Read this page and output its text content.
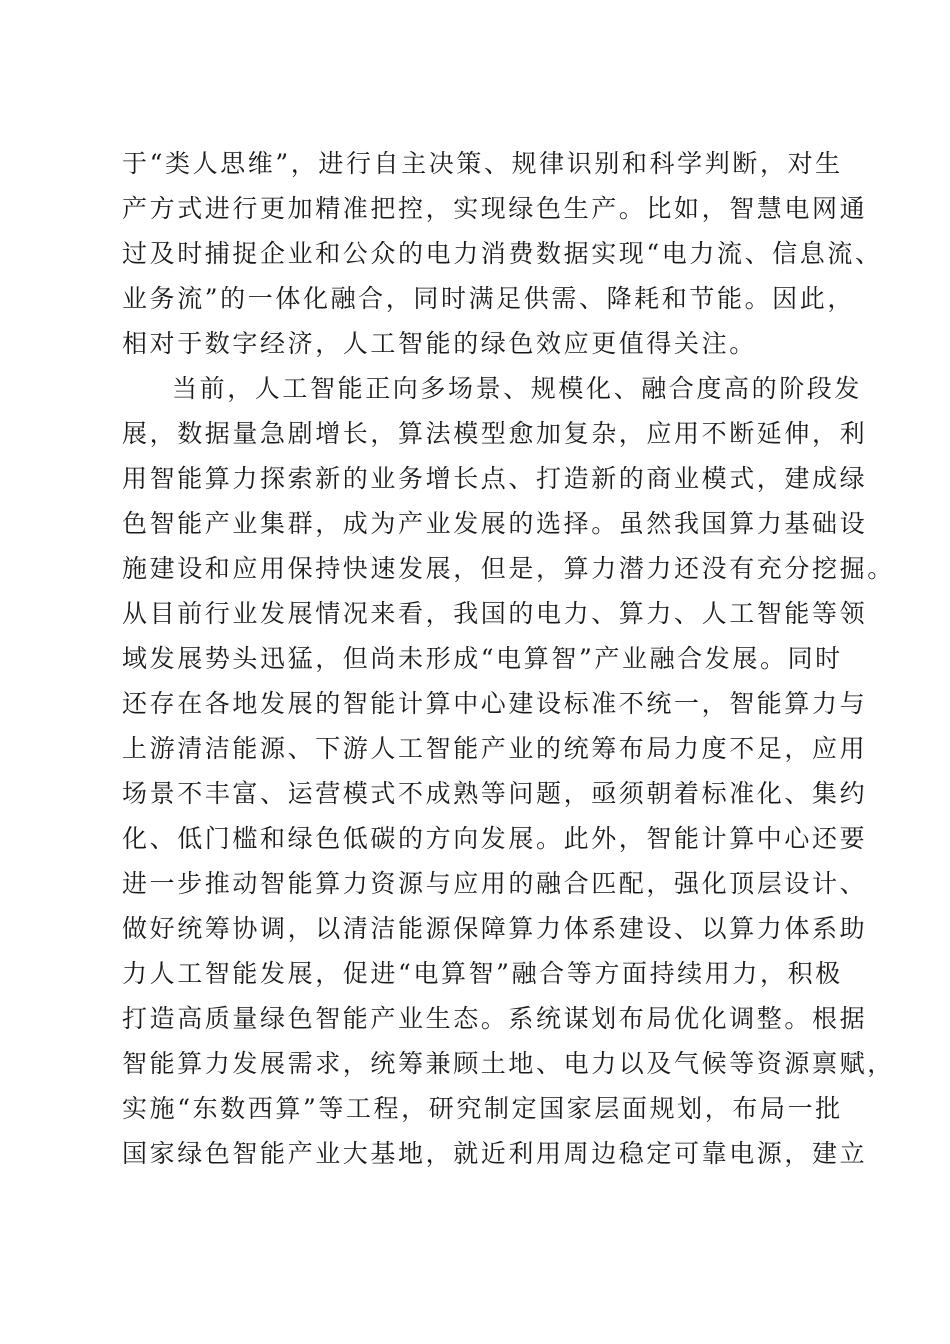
于“类人思维”，进行自主决策、规律识别和科学判断，对生
产方式进行更加精准把控，实现绿色生产。比如，智慧电网通
过及时捕捉企业和公众的电力消费数据实现“电力流、信息流、
业务流”的一体化融合，同时满足供需、降耗和节能。因此，
相对于数字经济，人工智能的绿色效应更值得关注。
当前，人工智能正向多场景、规模化、融合度高的阶段发
展，数据量急剧增长，算法模型愈加复杂，应用不断延伸，利
用智能算力探索新的业务增长点、打造新的商业模式，建成绿
色智能产业集群，成为产业发展的选择。虽然我国算力基础设
施建设和应用保持快速发展，但是，算力潜力还没有充分挖掘。
从目前行业发展情况来看，我国的电力、算力、人工智能等领
域发展势头迅猛，但尚未形成“电算智”产业融合发展。同时
还存在各地发展的智能计算中心建设标准不统一，智能算力与
上游清洁能源、下游人工智能产业的统筹布局力度不足，应用
场景不丰富、运营模式不成熟等问题，亟须朝着标准化、集约
化、低门槛和绿色低碳的方向发展。此外，智能计算中心还要
进一步推动智能算力资源与应用的融合匹配，强化顶层设计、
做好统筹协调，以清洁能源保障算力体系建设、以算力体系助
力人工智能发展，促进“电算智”融合等方面持续用力，积极
打造高质量绿色智能产业生态。系统谋划布局优化调整。根据
智能算力发展需求，统筹兼顾土地、电力以及气候等资源禀赋，
实施“东数西算”等工程，研究制定国家层面规划，布局一批
国家绿色智能产业大基地，就近利用周边稳定可靠电源，建立
